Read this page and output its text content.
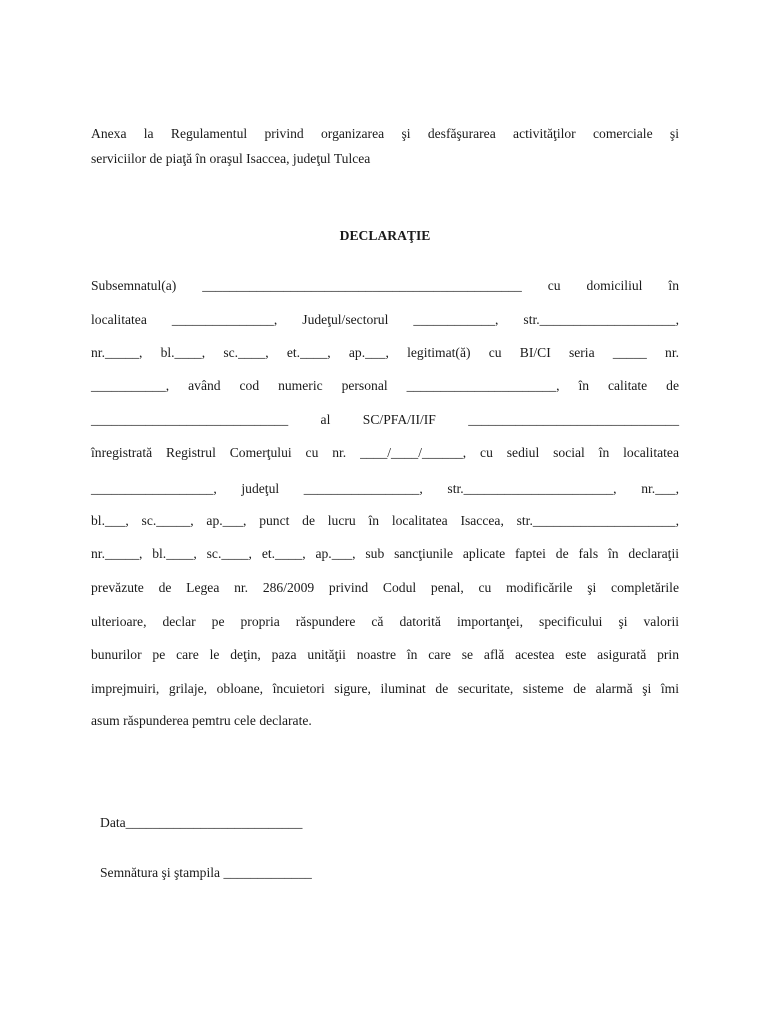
Anexa la Regulamentul privind organizarea şi desfăşurarea activităţilor comerciale şi
serviciilor de piaţă în oraşul Isaccea, judeţul Tulcea
DECLARAŢIE
Subsemnatul(a) _______________________________________________ cu domiciliul în
localitatea _______________, Judeţul/sectorul ____________, str.____________________,
nr._____, bl.____, sc.____, et.____, ap.___, legitimat(ă) cu BI/CI seria _____ nr.
___________, având cod numeric personal ______________________, în calitate de
_____________________________ al SC/PFA/II/IF _______________________________
înregistrată Registrul Comerţului cu nr. ____/____/______, cu sediul social în localitatea
__________________, judeţul _________________, str.______________________, nr.___,
bl.___, sc._____, ap.___, punct de lucru în localitatea Isaccea, str._____________________,
nr._____, bl.____, sc.____, et.____, ap.___, sub sancţiunile aplicate faptei de fals în declaraţii
prevăzute de Legea nr. 286/2009 privind Codul penal, cu modificările şi completările
ulterioare, declar pe propria răspundere că datorită importanţei, specificului şi valorii
bunurilor pe care le deţin, paza unităţii noastre în care se află acestea este asigurată prin
imprejmuiri, grilaje, obloane, încuietori sigure, iluminat de securitate, sisteme de alarmă şi îmi
asum răspunderea pemtru cele declarate.
Data__________________________
Semnătura şi ştampila _____________
